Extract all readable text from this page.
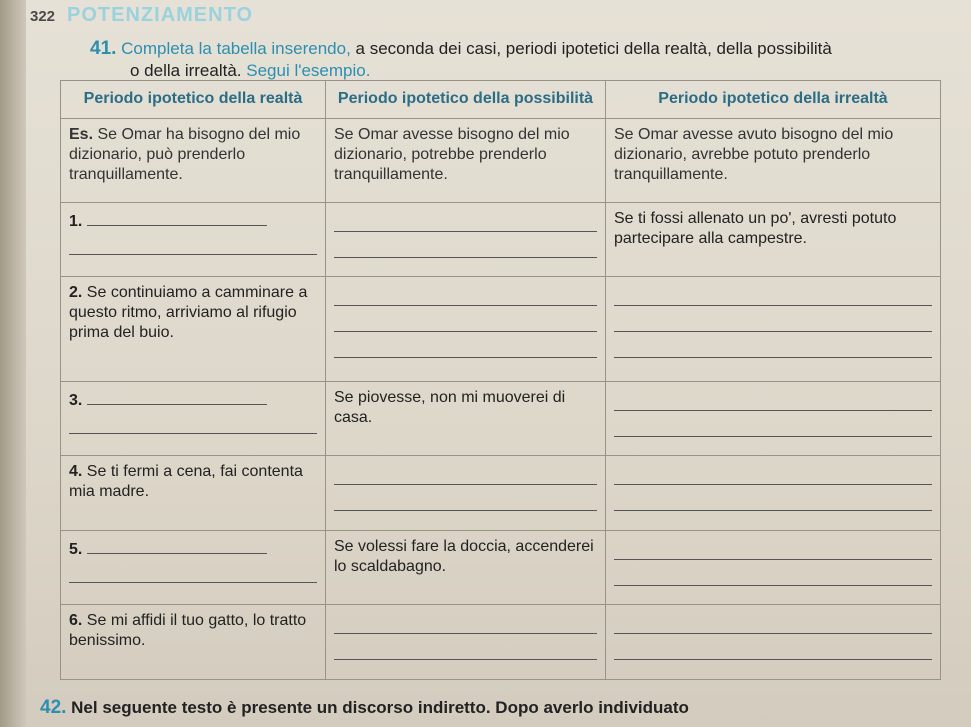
322 POTENZIAMENTO
41. Completa la tabella inserendo, a seconda dei casi, periodi ipotetici della realtà, della possibilità
o della irrealtà. Segui l'esempio.
Periodo ipotetico della realtà	Periodo ipotetico della possibilità	Periodo ipotetico della irrealtà
Es. Se Omar ha bisogno del mio dizionario, può prenderlo tranquillamente.	Se Omar avesse bisogno del mio dizionario, potrebbe prenderlo tranquillamente.	Se Omar avesse avuto bisogno del mio dizionario, avrebbe potuto prenderlo tranquillamente.
1.		Se ti fossi allenato un po', avresti potuto partecipare alla campestre.
2. Se continuiamo a camminare a questo ritmo, arriviamo al rifugio prima del buio.	

3.	Se piovesse, non mi muoverei di casa.	

4. Se ti fermi a cena, fai contenta mia madre.	

5.	Se volessi fare la doccia, accenderei lo scaldabagno.	

6. Se mi affidi il tuo gatto, lo tratto benissimo.	

42. Nel seguente testo è presente un discorso indiretto. Dopo averlo individuato
